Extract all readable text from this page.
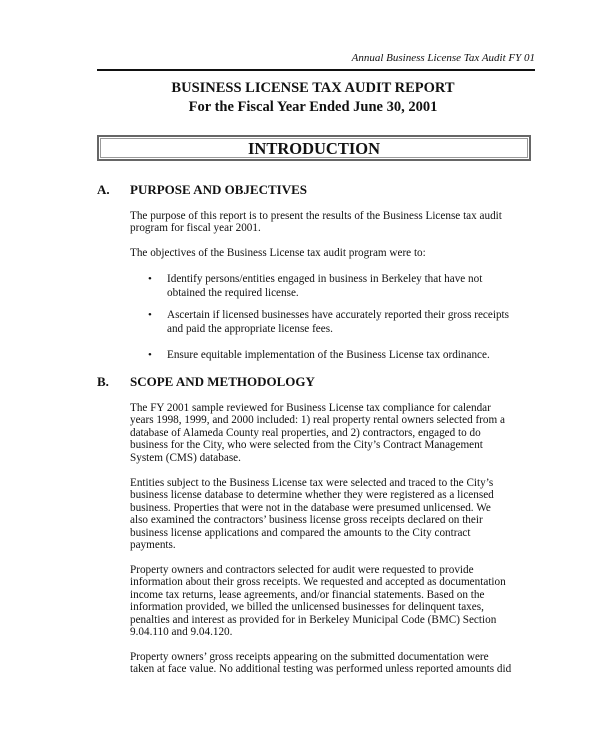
Annual Business License Tax Audit FY 01
BUSINESS LICENSE TAX AUDIT REPORT
For the Fiscal Year Ended June 30, 2001
INTRODUCTION
A. PURPOSE AND OBJECTIVES
The purpose of this report is to present the results of the Business License tax audit
program for fiscal year 2001.
The objectives of the Business License tax audit program were to:
• Identify persons/entities engaged in business in Berkeley that have not
obtained the required license.
• Ascertain if licensed businesses have accurately reported their gross receipts
and paid the appropriate license fees.
• Ensure equitable implementation of the Business License tax ordinance.
B. SCOPE AND METHODOLOGY
The FY 2001 sample reviewed for Business License tax compliance for calendar
years 1998, 1999, and 2000 included: 1) real property rental owners selected from a
database of Alameda County real properties, and 2) contractors, engaged to do
business for the City, who were selected from the City’s Contract Management
System (CMS) database.
Entities subject to the Business License tax were selected and traced to the City’s
business license database to determine whether they were registered as a licensed
business. Properties that were not in the database were presumed unlicensed. We
also examined the contractors’ business license gross receipts declared on their
business license applications and compared the amounts to the City contract
payments.
Property owners and contractors selected for audit were requested to provide
information about their gross receipts. We requested and accepted as documentation
income tax returns, lease agreements, and/or financial statements. Based on the
information provided, we billed the unlicensed businesses for delinquent taxes,
penalties and interest as provided for in Berkeley Municipal Code (BMC) Section
9.04.110 and 9.04.120.
Property owners’ gross receipts appearing on the submitted documentation were
taken at face value. No additional testing was performed unless reported amounts did
